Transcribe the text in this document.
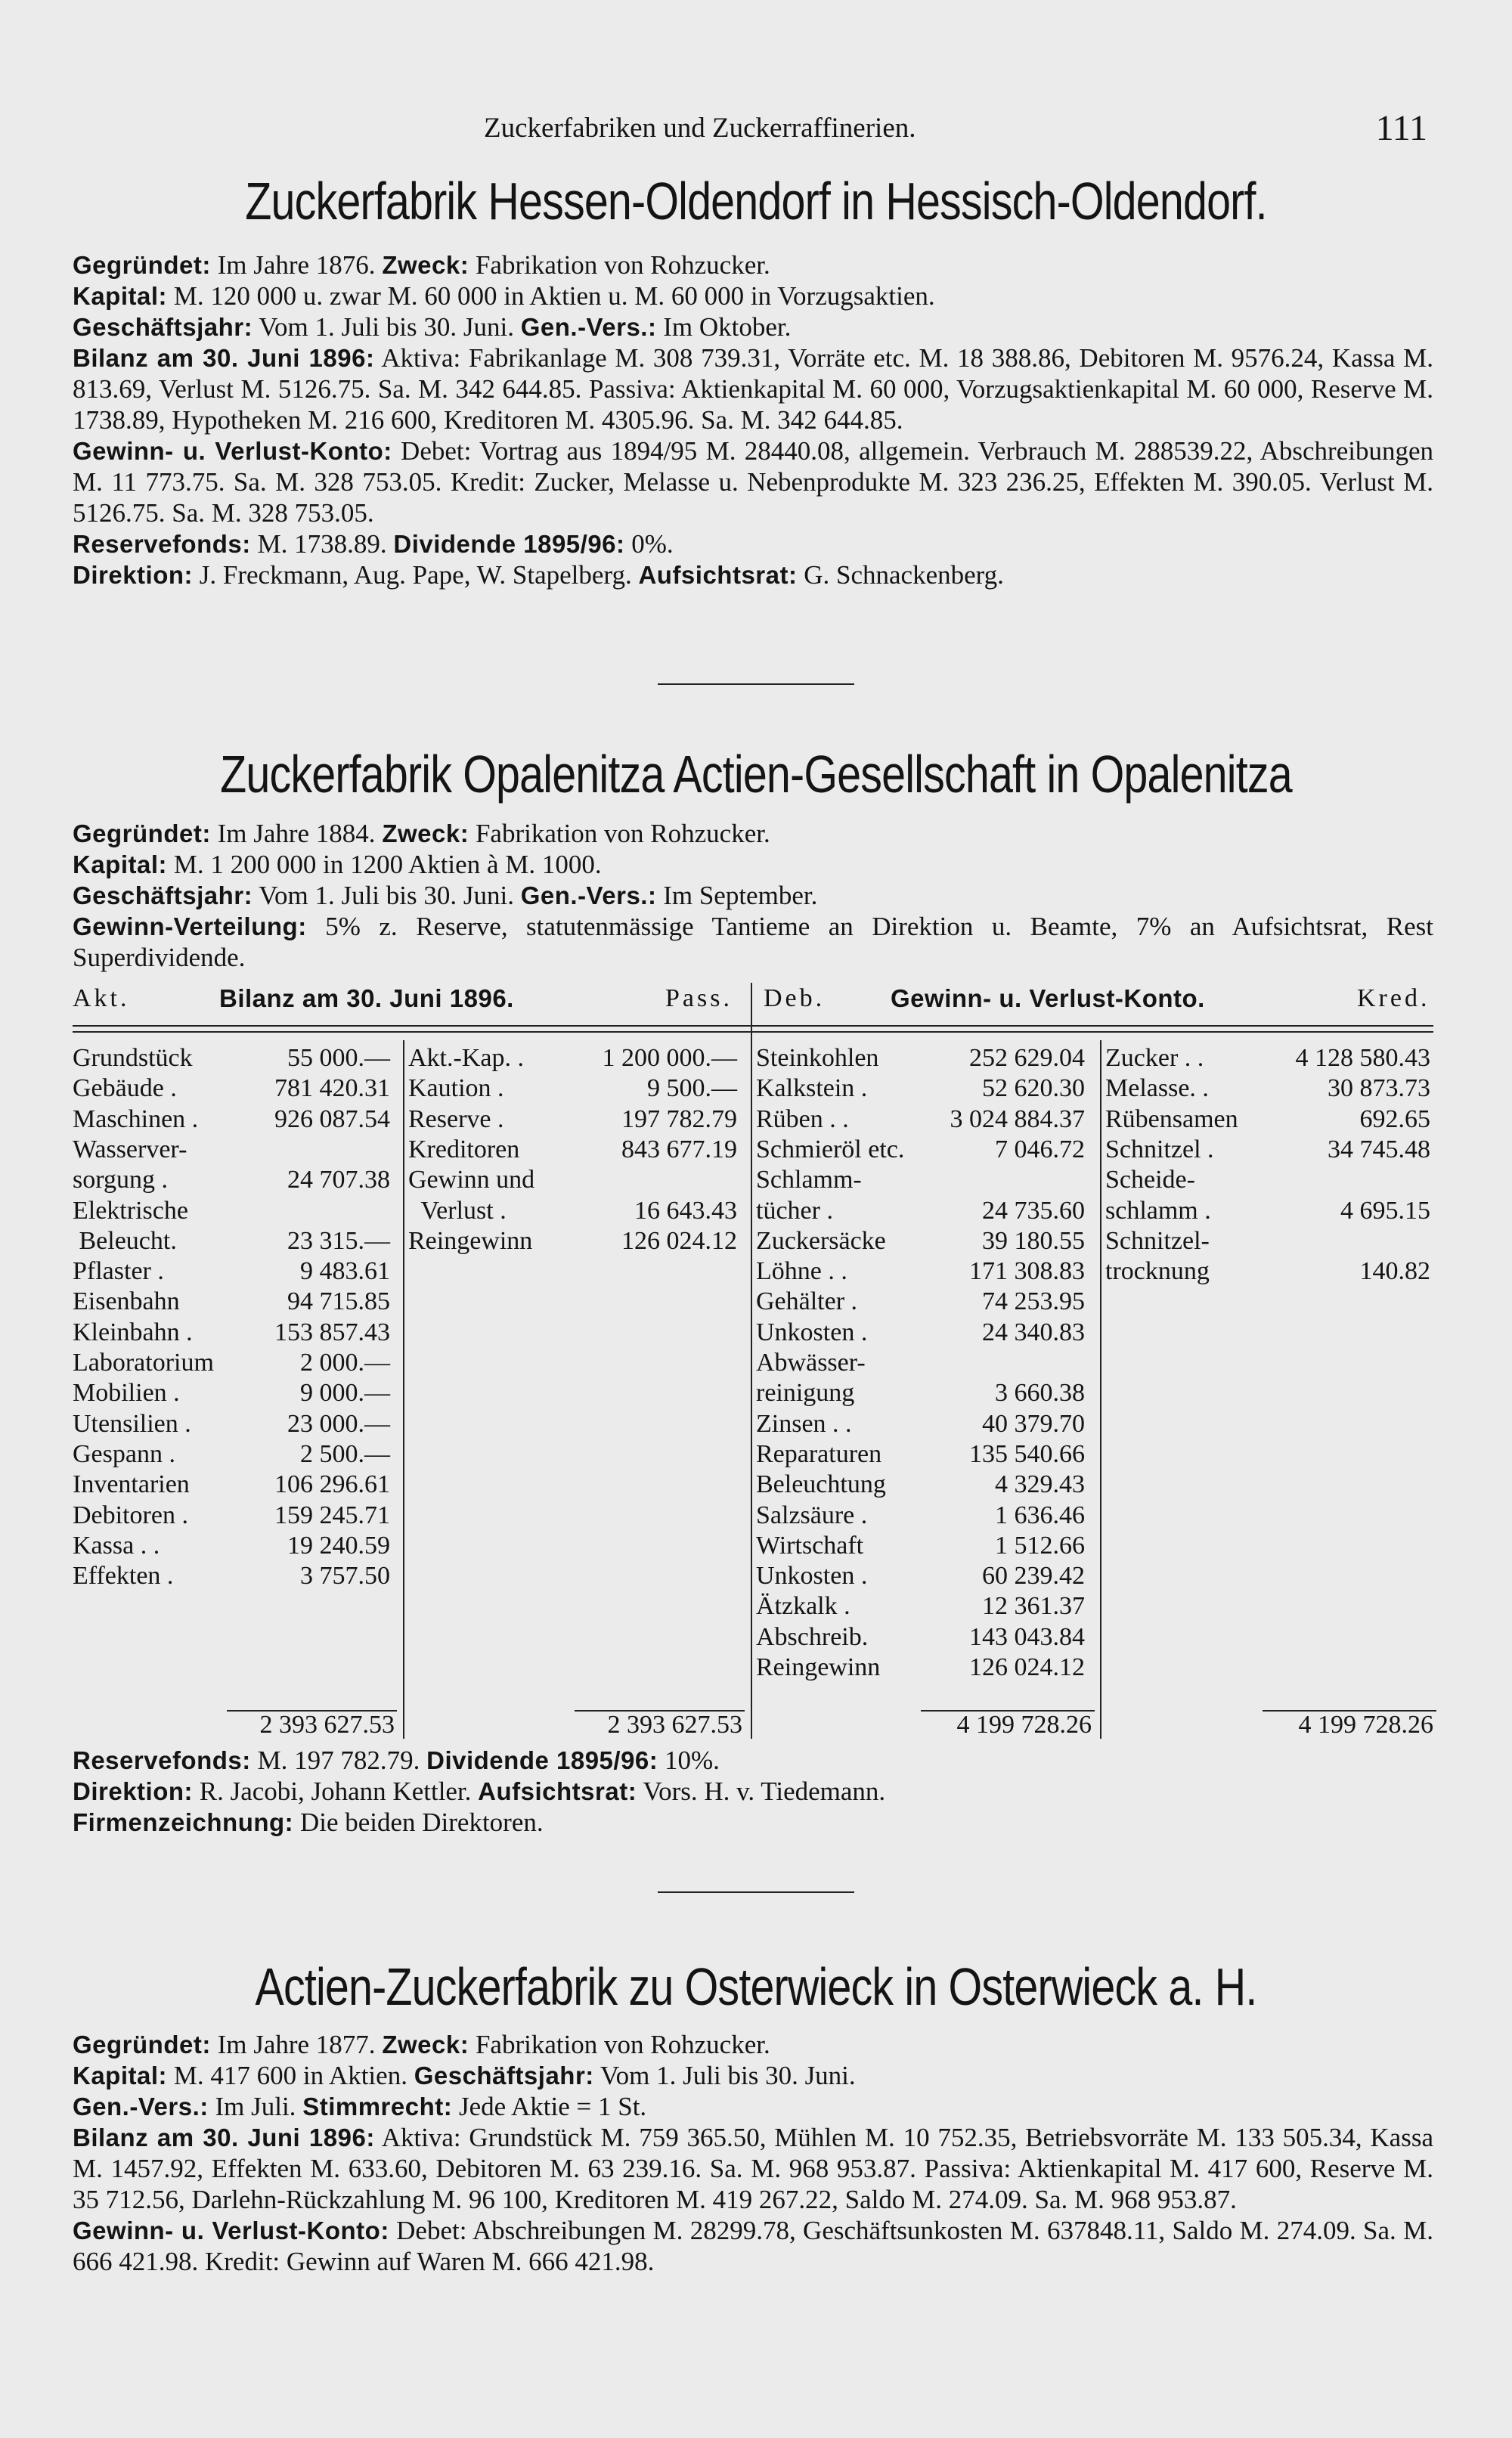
Zuckerfabriken und Zuckerraffinerien.	111
Zuckerfabrik Hessen-Oldendorf in Hessisch-Oldendorf.

Gegründet: Im Jahre 1876. Zweck: Fabrikation von Rohzucker.

Kapital: M. 120 000 u. zwar M. 60 000 in Aktien u. M. 60 000 in Vorzugsaktien.

Geschäftsjahr: Vom 1. Juli bis 30. Juni. Gen.-Vers.: Im Oktober.

Bilanz am 30. Juni 1896: Aktiva: Fabrikanlage M. 308 739.31, Vorräte etc. M. 18 388.86, Debitoren M. 9576.24, Kassa M. 813.69, Verlust M. 5126.75. Sa. M. 342 644.85. Passiva: Aktienkapital M. 60 000, Vorzugsaktienkapital M. 60 000, Reserve M. 1738.89, Hypotheken M. 216 600, Kreditoren M. 4305.96. Sa. M. 342 644.85.

Gewinn- u. Verlust-Konto: Debet: Vortrag aus 1894/95 M. 28440.08, allgemein. Verbrauch M. 288539.22, Abschreibungen M. 11 773.75. Sa. M. 328 753.05. Kredit: Zucker, Melasse u. Nebenprodukte M. 323 236.25, Effekten M. 390.05. Verlust M. 5126.75. Sa. M. 328 753.05.

Reservefonds: M. 1738.89. Dividende 1895/96: 0%.

Direktion: J. Freckmann, Aug. Pape, W. Stapelberg. Aufsichtsrat: G. Schnackenberg.

Zuckerfabrik Opalenitza Actien-Gesellschaft in Opalenitza

Gegründet: Im Jahre 1884. Zweck: Fabrikation von Rohzucker.

Kapital: M. 1 200 000 in 1200 Aktien à M. 1000.

Geschäftsjahr: Vom 1. Juli bis 30. Juni. Gen.-Vers.: Im September.

Gewinn-Verteilung: 5% z. Reserve, statutenmässige Tantieme an Direktion u. Beamte, 7% an Aufsichtsrat, Rest Superdividende.

Akt.	Bilanz am 30. Juni 1896.	Pass. Deb.	Gewinn- u. Verlust-Konto.	Kred.
Grundstück	55 000.—
Gebäude .	781 420.31
Maschinen .	926 087.54
Wasserver-
sorgung .	24 707.38
Elektrische
Beleucht.	23 315.—
Pflaster .	9 483.61
Eisenbahn	94 715.85
Kleinbahn .	153 857.43
Laboratorium	2 000.—
Mobilien .	9 000.—
Utensilien .	23 000.—
Gespann .	2 500.—
Inventarien	106 296.61
Debitoren .	159 245.71
Kassa . .	19 240.59
Effekten .	3 757.50
Akt.-Kap. .	1 200 000.—
Kaution .	9 500.—
Reserve .	197 782.79
Kreditoren	843 677.19
Gewinn und
Verlust .	16 643.43
Reingewinn	126 024.12
Steinkohlen	252 629.04
Kalkstein .	52 620.30
Rüben . .	3 024 884.37
Schmieröl etc.	7 046.72
Schlamm-
tücher .	24 735.60
Zuckersäcke	39 180.55
Löhne . .	171 308.83
Gehälter .	74 253.95
Unkosten .	24 340.83
Abwässer-
reinigung	3 660.38
Zinsen . .	40 379.70
Reparaturen	135 540.66
Beleuchtung	4 329.43
Salzsäure .	1 636.46
Wirtschaft	1 512.66
Unkosten .	60 239.42
Ätzkalk .	12 361.37
Abschreib.	143 043.84
Reingewinn	126 024.12
Zucker . .	4 128 580.43
Melasse. .	30 873.73
Rübensamen	692.65
Schnitzel .	34 745.48
Scheide-
schlamm .	4 695.15
Schnitzel-
trocknung	140.82
2 393 627.53	2 393 627.53	4 199 728.26	4 199 728.26

Reservefonds: M. 197 782.79. Dividende 1895/96: 10%.

Direktion: R. Jacobi, Johann Kettler. Aufsichtsrat: Vors. H. v. Tiedemann.

Firmenzeichnung: Die beiden Direktoren.

Actien-Zuckerfabrik zu Osterwieck in Osterwieck a. H.

Gegründet: Im Jahre 1877. Zweck: Fabrikation von Rohzucker.

Kapital: M. 417 600 in Aktien. Geschäftsjahr: Vom 1. Juli bis 30. Juni.

Gen.-Vers.: Im Juli. Stimmrecht: Jede Aktie = 1 St.

Bilanz am 30. Juni 1896: Aktiva: Grundstück M. 759 365.50, Mühlen M. 10 752.35, Betriebsvorräte M. 133 505.34, Kassa M. 1457.92, Effekten M. 633.60, Debitoren M. 63 239.16. Sa. M. 968 953.87. Passiva: Aktienkapital M. 417 600, Reserve M. 35 712.56, Darlehn-Rückzahlung M. 96 100, Kreditoren M. 419 267.22, Saldo M. 274.09. Sa. M. 968 953.87.

Gewinn- u. Verlust-Konto: Debet: Abschreibungen M. 28299.78, Geschäftsunkosten M. 637848.11, Saldo M. 274.09. Sa. M. 666 421.98. Kredit: Gewinn auf Waren M. 666 421.98.
